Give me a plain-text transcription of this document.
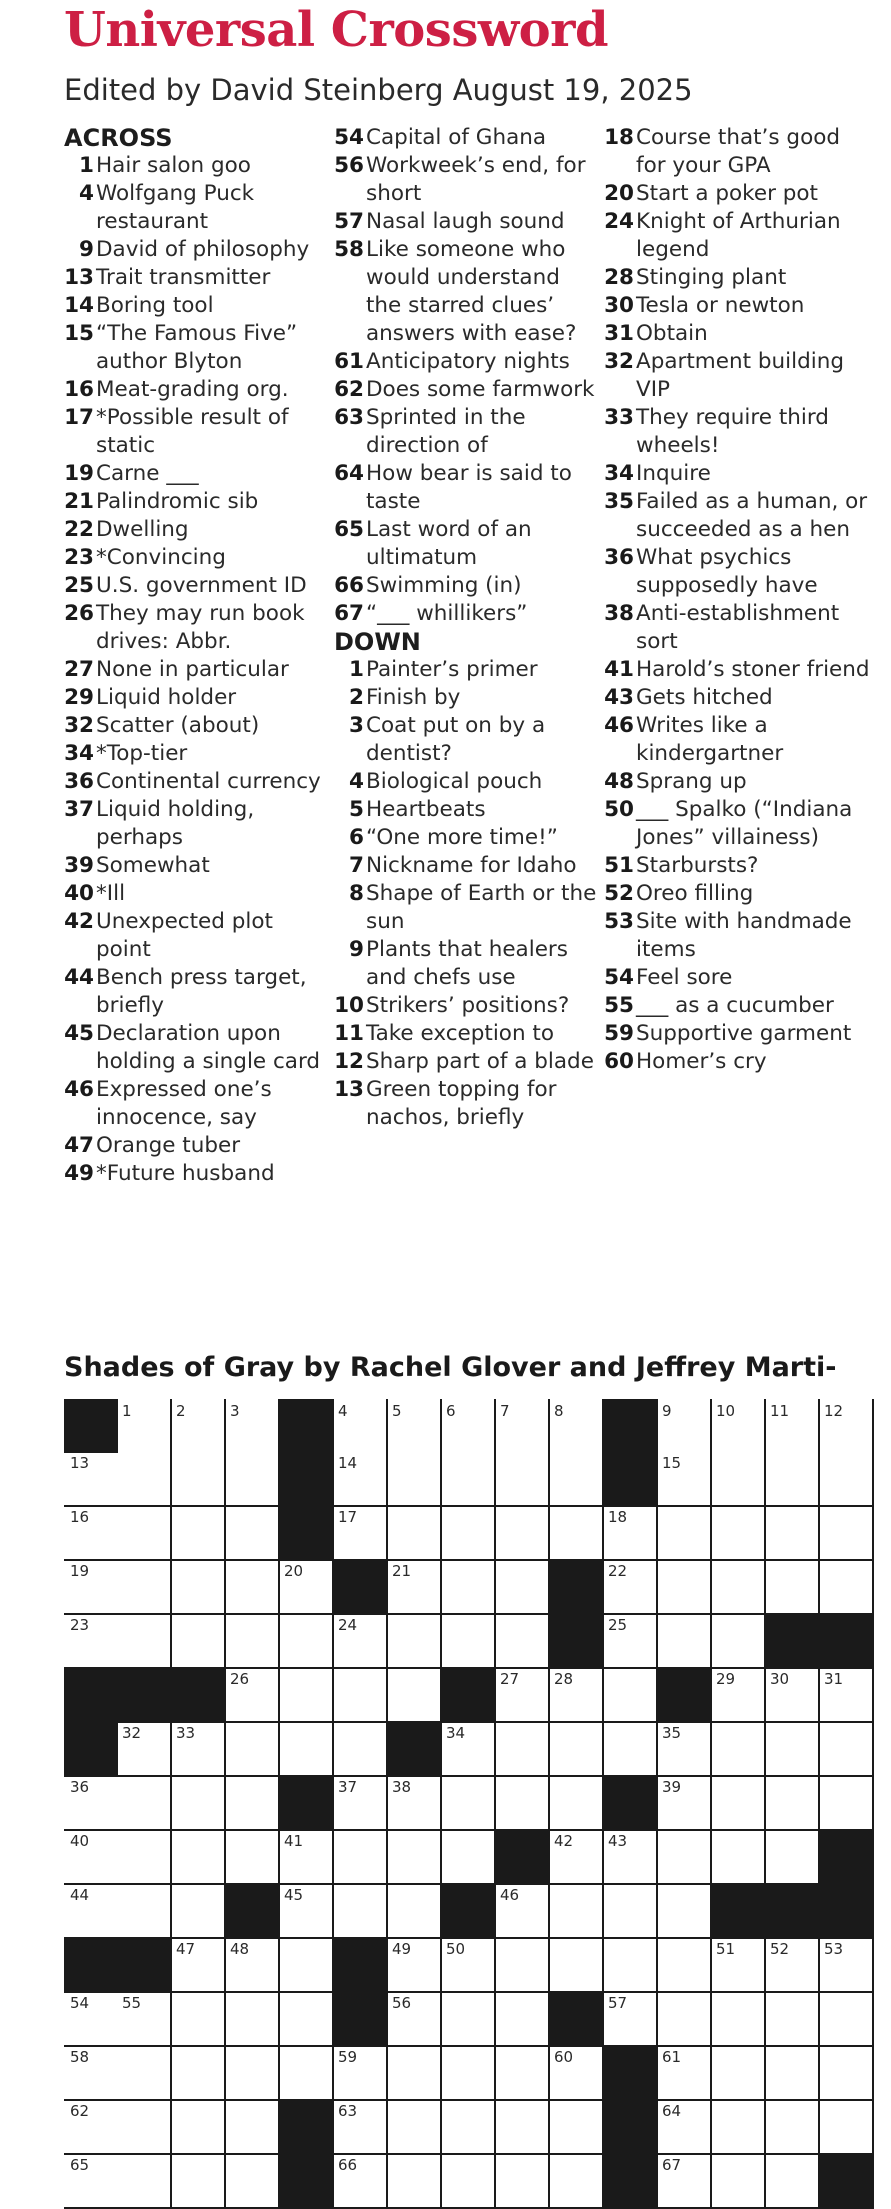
Universal Crossword
Edited by David Steinberg August 19, 2025
ACROSS
1 Hair salon goo
4 Wolfgang Puck restaurant
9 David of philosophy
13 Trait transmitter
14 Boring tool
15 “The Famous Five” author Blyton
16 Meat-grading org.
17 *Possible result of static
19 Carne ___
21 Palindromic sib
22 Dwelling
23 *Convincing
25 U.S. government ID
26 They may run book drives: Abbr.
27 None in particular
29 Liquid holder
32 Scatter (about)
34 *Top-tier
36 Continental currency
37 Liquid holding, perhaps
39 Somewhat
40 *Ill
42 Unexpected plot point
44 Bench press target, briefly
45 Declaration upon holding a single card
46 Expressed one’s innocence, say
47 Orange tuber
49 *Future husband
54 Capital of Ghana
56 Workweek’s end, for short
57 Nasal laugh sound
58 Like someone who would understand the starred clues’ answers with ease?
61 Anticipatory nights
62 Does some farmwork
63 Sprinted in the direction of
64 How bear is said to taste
65 Last word of an ultimatum
66 Swimming (in)
67 “___ whillikers”
DOWN
1 Painter’s primer
2 Finish by
3 Coat put on by a dentist?
4 Biological pouch
5 Heartbeats
6 “One more time!”
7 Nickname for Idaho
8 Shape of Earth or the sun
9 Plants that healers and chefs use
10 Strikers’ positions?
11 Take exception to
12 Sharp part of a blade
13 Green topping for nachos, briefly
18 Course that’s good for your GPA
20 Start a poker pot
24 Knight of Arthurian legend
28 Stinging plant
30 Tesla or newton
31 Obtain
32 Apartment building VIP
33 They require third wheels!
34 Inquire
35 Failed as a human, or succeeded as a hen
36 What psychics supposedly have
38 Anti-establishment sort
41 Harold’s stoner friend
43 Gets hitched
46 Writes like a kindergartner
48 Sprang up
50 ___ Spalko (“Indiana Jones” villainess)
51 Starbursts?
52 Oreo filling
53 Site with handmade items
54 Feel sore
55 ___ as a cucumber
59 Supportive garment
60 Homer’s cry
Shades of Gray by Rachel Glover and Jeffrey Marti-
1	2	3	4	5	6	7	8	9	10 11 12
13	14	15
16	17	18
19	20	21	22
23	24	25
26	27 28	29 30 31
32 33	34	35
36	37 38	39
40	41	42 43
44	45	46
47 48	49 50	51 52 53
54 55	56	57
58	59	60	61
62	63	64
65	66	67
